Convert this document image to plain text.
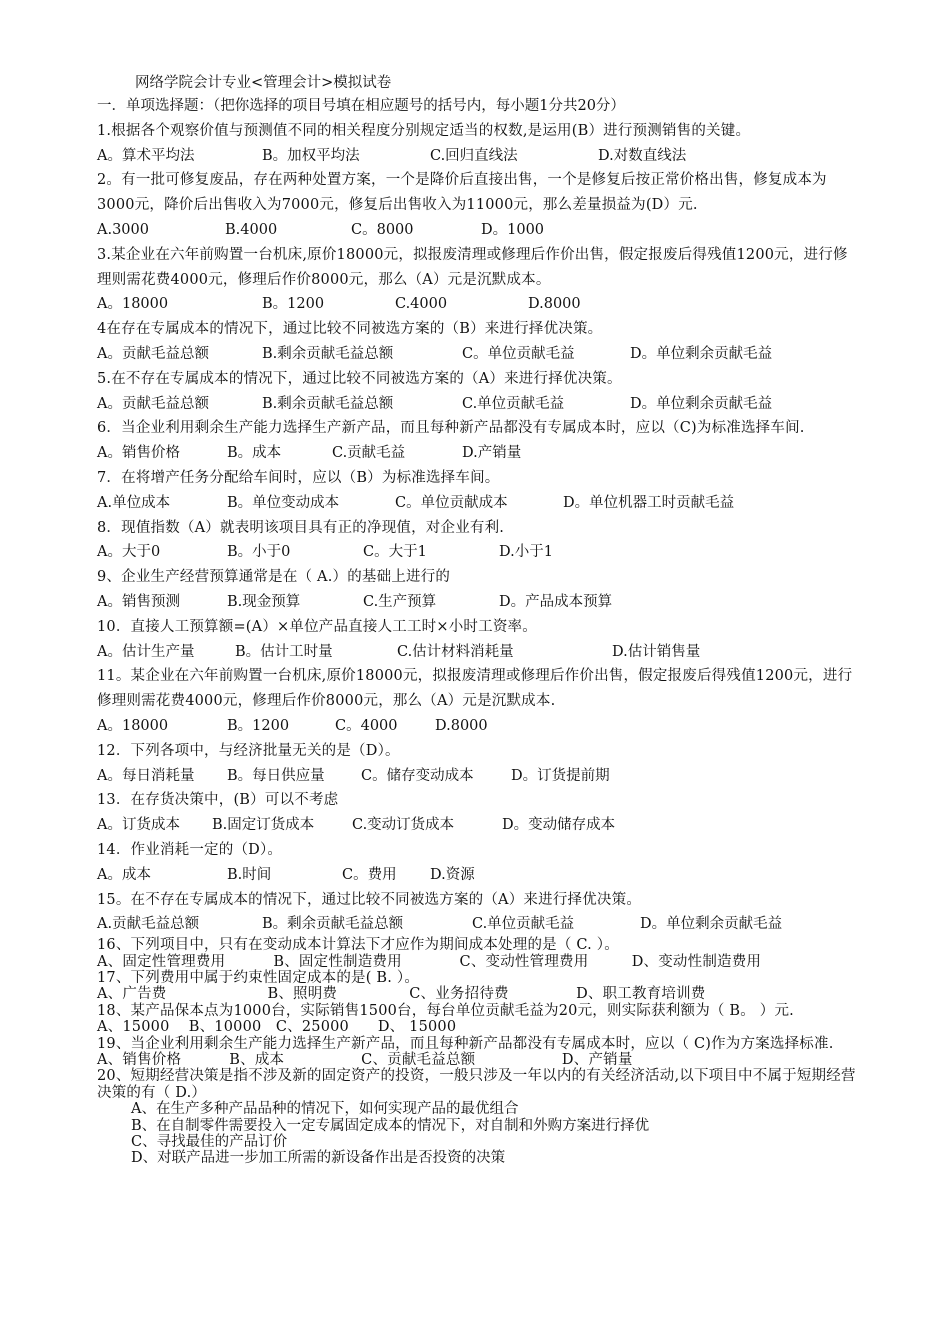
网络学院会计专业<管理会计>模拟试卷
一．单项选择题：（把你选择的项目号填在相应题号的括号内，每小题1分共20分）
1.根据各个观察价值与预测值不同的相关程度分别规定适当的权数,是运用(B）进行预测销售的关键。
A。算术平均法	B。加权平均法	C.回归直线法	D.对数直线法
2。有一批可修复废品，存在两种处置方案，一个是降价后直接出售，一个是修复后按正常价格出售，修复成本为3000元，降价后出售收入为7000元，修复后出售收入为11000元，那么差量损益为(D）元.
A.3000	B.4000	C。8000	D。1000
3.某企业在六年前购置一台机床,原价18000元，拟报废清理或修理后作价出售，假定报废后得残值1200元，进行修理则需花费4000元，修理后作价8000元，那么（A）元是沉默成本。
A。18000	B。1200	C.4000	D.8000
4在存在专属成本的情况下，通过比较不同被选方案的（B）来进行择优决策。
A。贡献毛益总额	B.剩余贡献毛益总额	C。单位贡献毛益	D。单位剩余贡献毛益
5.在不存在专属成本的情况下，通过比较不同被选方案的（A）来进行择优决策。
A。贡献毛益总额	B.剩余贡献毛益总额	C.单位贡献毛益	D。单位剩余贡献毛益
6．当企业利用剩余生产能力选择生产新产品，而且每种新产品都没有专属成本时，应以（C)为标准选择车间.
A。销售价格	B。成本	C.贡献毛益	D.产销量
7．在将增产任务分配给车间时，应以（B）为标准选择车间。
A.单位成本	B。单位变动成本	C。单位贡献成本	D。单位机器工时贡献毛益
8．现值指数（A）就表明该项目具有正的净现值，对企业有利.
A。大于0	B。小于0	C。大于1	D.小于1
9、企业生产经营预算通常是在（ A.）的基础上进行的
A。销售预测	B.现金预算	C.生产预算	D。产品成本预算
10．直接人工预算额=(A）×单位产品直接人工工时×小时工资率。
A。估计生产量	B。估计工时量	C.估计材料消耗量	D.估计销售量
11。某企业在六年前购置一台机床,原价18000元，拟报废清理或修理后作价出售，假定报废后得残值1200元，进行修理则需花费4000元，修理后作价8000元，那么（A）元是沉默成本.
A。18000	B。1200	C。4000	D.8000
12．下列各项中，与经济批量无关的是（D）。
A。每日消耗量 B。每日供应量	C。储存变动成本	D。订货提前期
13．在存货决策中，(B）可以不考虑
A。订货成本 B.固定订货成本	C.变动订货成本	D。变动储存成本
14．作业消耗一定的（D）。
A。成本	B.时间	C。费用 D.资源
15。在不存在专属成本的情况下，通过比较不同被选方案的（A）来进行择优决策。
A.贡献毛益总额	B。剩余贡献毛益总额	C.单位贡献毛益	D。单位剩余贡献毛益
16、下列项目中，只有在变动成本计算法下才应作为期间成本处理的是（ C. ）。
A、固定性管理费用          B、固定性制造费用            C、变动性管理费用         D、变动性制造费用
17、下列费用中属于约束性固定成本的是( B. ）。
A、广告费                     B、照明费               C、业务招待费              D、职工教育培训费
18、某产品保本点为1000台，实际销售1500台，每台单位贡献毛益为20元，则实际获利额为（ B。 ）元.
A、15000    B、10000   C、25000      D、 15000
19、当企业利用剩余生产能力选择生产新产品，而且每种新产品都没有专属成本时，应以（ C)作为方案选择标准.
A、销售价格          B、成本                C、贡献毛益总额                  D、产销量
20、短期经营决策是指不涉及新的固定资产的投资，一般只涉及一年以内的有关经济活动,以下项目中不属于短期经营决策的有（ D.）
A、在生产多种产品品种的情况下，如何实现产品的最优组合
B、在自制零件需要投入一定专属固定成本的情况下，对自制和外购方案进行择优
C、寻找最佳的产品订价
D、对联产品进一步加工所需的新设备作出是否投资的决策
